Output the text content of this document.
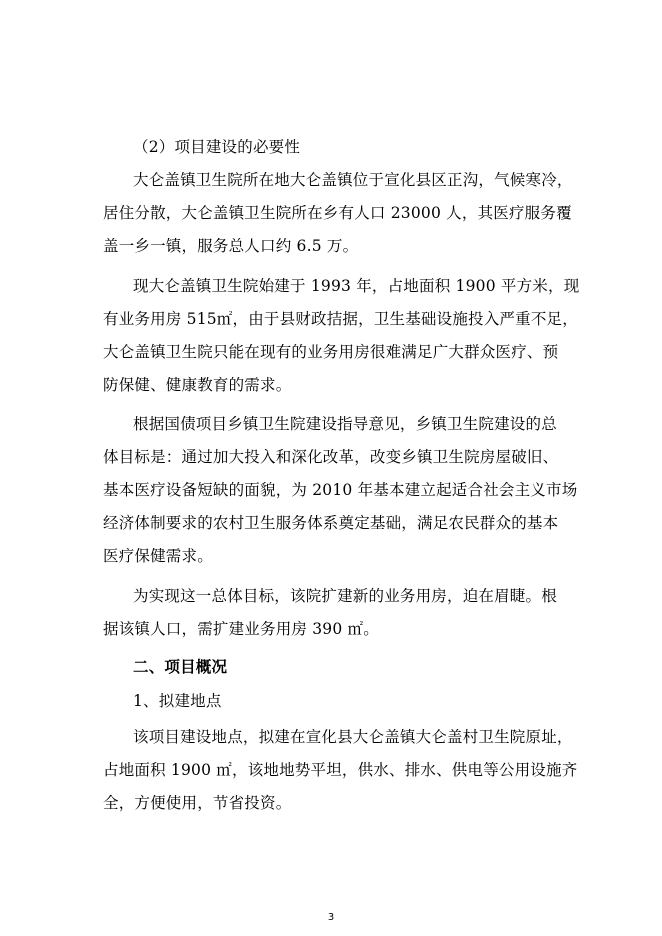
（2）项目建设的必要性
大仑盖镇卫生院所在地大仑盖镇位于宣化县区正沟，气候寒冷，
居住分散，大仑盖镇卫生院所在乡有人口 23000 人，其医疗服务覆
盖一乡一镇，服务总人口约 6.5 万。
现大仑盖镇卫生院始建于 1993 年，占地面积 1900 平方米，现
有业务用房 515㎡，由于县财政拮据，卫生基础设施投入严重不足，
大仑盖镇卫生院只能在现有的业务用房很难满足广大群众医疗、预
防保健、健康教育的需求。
根据国债项目乡镇卫生院建设指导意见，乡镇卫生院建设的总
体目标是：通过加大投入和深化改革，改变乡镇卫生院房屋破旧、
基本医疗设备短缺的面貌，为 2010 年基本建立起适合社会主义市场
经济体制要求的农村卫生服务体系奠定基础，满足农民群众的基本
医疗保健需求。
为实现这一总体目标，该院扩建新的业务用房，迫在眉睫。根
据该镇人口，需扩建业务用房 390 ㎡。
二、项目概况
1、拟建地点
该项目建设地点，拟建在宣化县大仑盖镇大仑盖村卫生院原址，
占地面积 1900 ㎡，该地地势平坦，供水、排水、供电等公用设施齐
全，方便使用，节省投资。
3
